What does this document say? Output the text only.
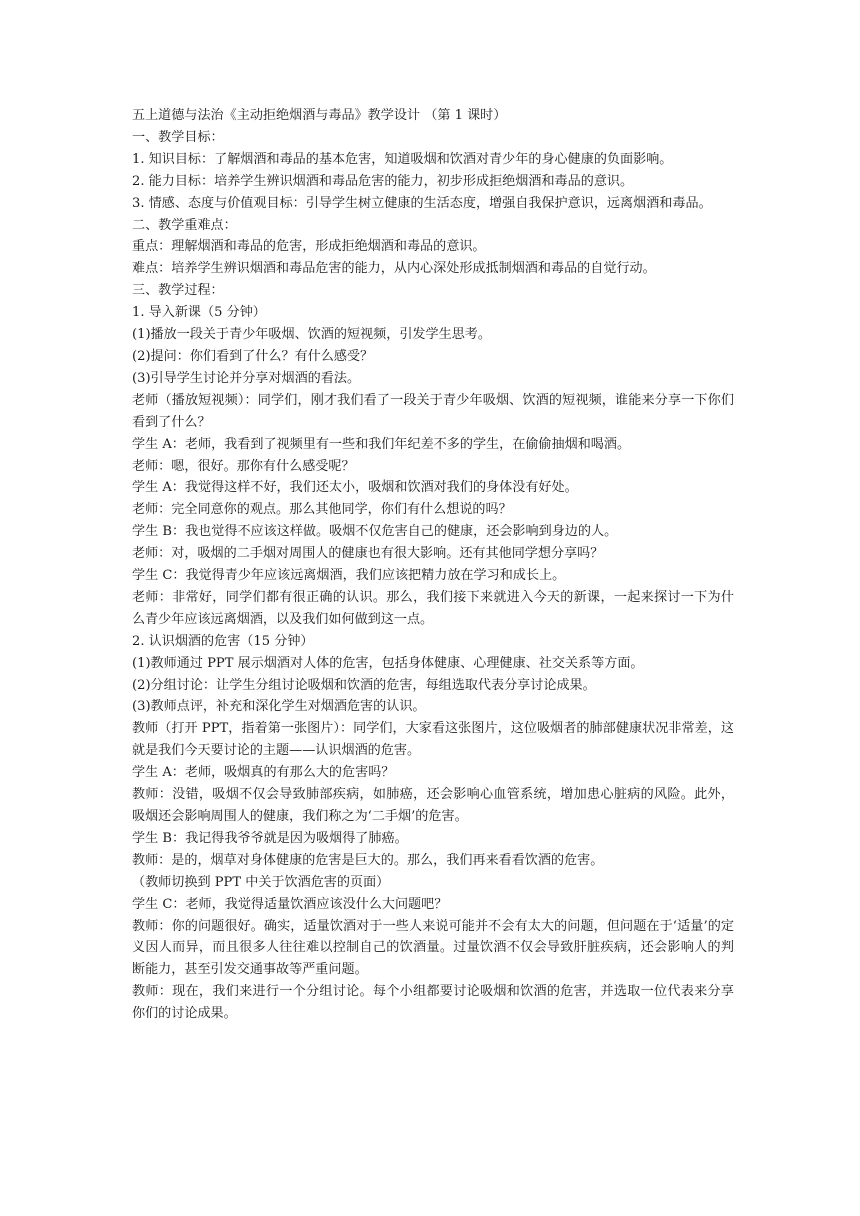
五上道德与法治《主动拒绝烟酒与毒品》教学设计 （第 1 课时）

一、教学目标：

1. 知识目标：了解烟酒和毒品的基本危害，知道吸烟和饮酒对青少年的身心健康的负面影响。

2. 能力目标：培养学生辨识烟酒和毒品危害的能力，初步形成拒绝烟酒和毒品的意识。

3. 情感、态度与价值观目标：引导学生树立健康的生活态度，增强自我保护意识，远离烟酒和毒品。

二、教学重难点：

重点：理解烟酒和毒品的危害，形成拒绝烟酒和毒品的意识。

难点：培养学生辨识烟酒和毒品危害的能力，从内心深处形成抵制烟酒和毒品的自觉行动。

三、教学过程：

1. 导入新课（5 分钟）

(1)播放一段关于青少年吸烟、饮酒的短视频，引发学生思考。

(2)提问：你们看到了什么？有什么感受？

(3)引导学生讨论并分享对烟酒的看法。

老师（播放短视频）：同学们，刚才我们看了一段关于青少年吸烟、饮酒的短视频，谁能来分享一下你们看到了什么？

学生 A：老师，我看到了视频里有一些和我们年纪差不多的学生，在偷偷抽烟和喝酒。

老师：嗯，很好。那你有什么感受呢？

学生 A：我觉得这样不好，我们还太小，吸烟和饮酒对我们的身体没有好处。

老师：完全同意你的观点。那么其他同学，你们有什么想说的吗？

学生 B：我也觉得不应该这样做。吸烟不仅危害自己的健康，还会影响到身边的人。

老师：对，吸烟的二手烟对周围人的健康也有很大影响。还有其他同学想分享吗？

学生 C：我觉得青少年应该远离烟酒，我们应该把精力放在学习和成长上。

老师：非常好，同学们都有很正确的认识。那么，我们接下来就进入今天的新课，一起来探讨一下为什么青少年应该远离烟酒，以及我们如何做到这一点。

2. 认识烟酒的危害（15 分钟）

(1)教师通过 PPT 展示烟酒对人体的危害，包括身体健康、心理健康、社交关系等方面。

(2)分组讨论：让学生分组讨论吸烟和饮酒的危害，每组选取代表分享讨论成果。

(3)教师点评，补充和深化学生对烟酒危害的认识。

教师（打开 PPT，指着第一张图片）：同学们，大家看这张图片，这位吸烟者的肺部健康状况非常差，这就是我们今天要讨论的主题——认识烟酒的危害。

学生 A：老师，吸烟真的有那么大的危害吗？

教师：没错，吸烟不仅会导致肺部疾病，如肺癌，还会影响心血管系统，增加患心脏病的风险。此外，吸烟还会影响周围人的健康，我们称之为‘二手烟’的危害。

学生 B：我记得我爷爷就是因为吸烟得了肺癌。

教师：是的，烟草对身体健康的危害是巨大的。那么，我们再来看看饮酒的危害。

（教师切换到 PPT 中关于饮酒危害的页面）

学生 C：老师，我觉得适量饮酒应该没什么大问题吧？

教师：你的问题很好。确实，适量饮酒对于一些人来说可能并不会有太大的问题，但问题在于‘适量’的定义因人而异，而且很多人往往难以控制自己的饮酒量。过量饮酒不仅会导致肝脏疾病，还会影响人的判断能力，甚至引发交通事故等严重问题。

教师：现在，我们来进行一个分组讨论。每个小组都要讨论吸烟和饮酒的危害，并选取一位代表来分享你们的讨论成果。
